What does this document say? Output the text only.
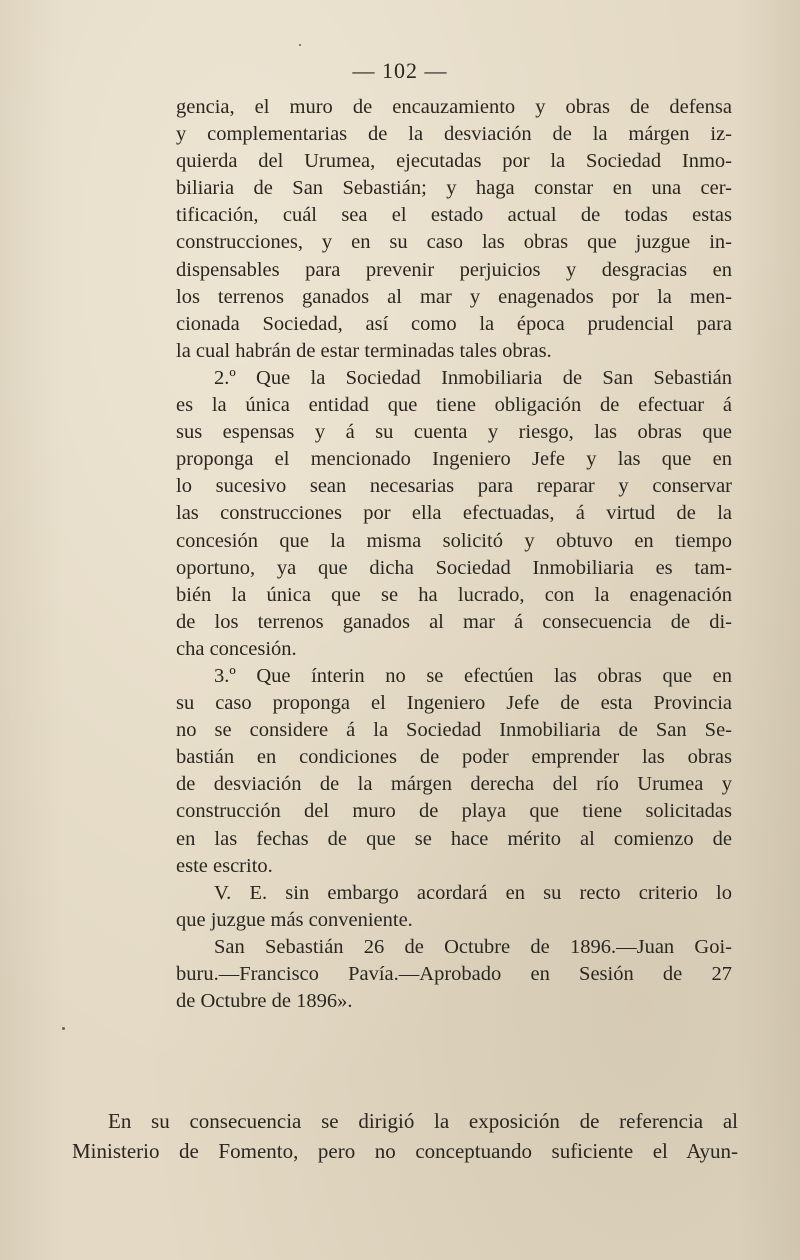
— 102 —
gencia, el muro de encauzamiento y obras de defensa
y complementarias de la desviación de la márgen iz-
quierda del Urumea, ejecutadas por la Sociedad Inmo-
biliaria de San Sebastián; y haga constar en una cer-
tificación, cuál sea el estado actual de todas estas
construcciones, y en su caso las obras que juzgue in-
dispensables para prevenir perjuicios y desgracias en
los terrenos ganados al mar y enagenados por la men-
cionada Sociedad, así como la época prudencial para
la cual habrán de estar terminadas tales obras.
2.º Que la Sociedad Inmobiliaria de San Sebastián
es la única entidad que tiene obligación de efectuar á
sus espensas y á su cuenta y riesgo, las obras que
proponga el mencionado Ingeniero Jefe y las que en
lo sucesivo sean necesarias para reparar y conservar
las construcciones por ella efectuadas, á virtud de la
concesión que la misma solicitó y obtuvo en tiempo
oportuno, ya que dicha Sociedad Inmobiliaria es tam-
bién la única que se ha lucrado, con la enagenación
de los terrenos ganados al mar á consecuencia de di-
cha concesión.
3.º Que ínterin no se efectúen las obras que en
su caso proponga el Ingeniero Jefe de esta Provincia
no se considere á la Sociedad Inmobiliaria de San Se-
bastián en condiciones de poder emprender las obras
de desviación de la márgen derecha del río Urumea y
construcción del muro de playa que tiene solicitadas
en las fechas de que se hace mérito al comienzo de
este escrito.
V. E. sin embargo acordará en su recto criterio lo
que juzgue más conveniente.
San Sebastián 26 de Octubre de 1896.—Juan Goi-
buru.—Francisco Pavía.—Aprobado en Sesión de 27
de Octubre de 1896».
En su consecuencia se dirigió la exposición de referencia al
Ministerio de Fomento, pero no conceptuando suficiente el Ayun-
